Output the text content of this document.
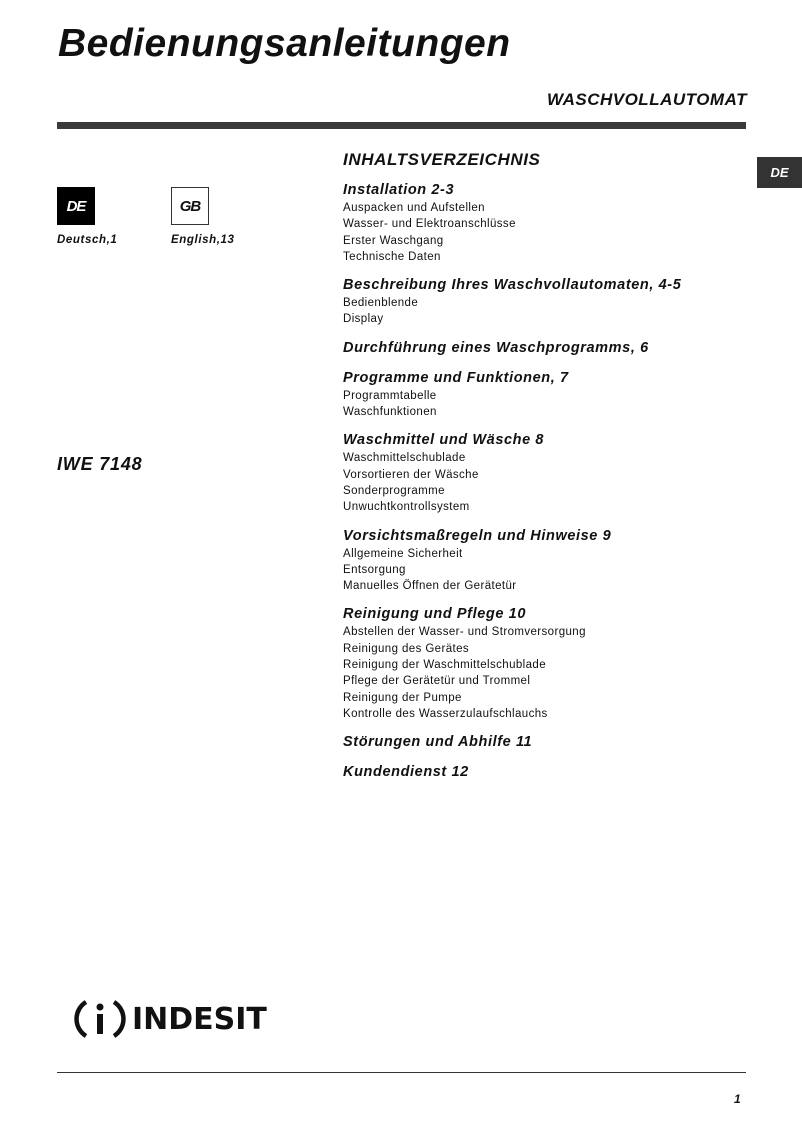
Bedienungsanleitungen
WASCHVOLLAUTOMAT
DE
DE	GB
Deutsch,1	English,13
IWE 7148
INHALTSVERZEICHNIS
Installation 2-3
Auspacken und Aufstellen
Wasser- und Elektroanschlüsse
Erster Waschgang
Technische Daten
Beschreibung Ihres Waschvollautomaten, 4-5
Bedienblende
Display
Durchführung eines Waschprogramms, 6
Programme und Funktionen, 7
Programmtabelle
Waschfunktionen
Waschmittel und Wäsche 8
Waschmittelschublade
Vorsortieren der Wäsche
Sonderprogramme
Unwuchtkontrollsystem
Vorsichtsmaßregeln und Hinweise 9
Allgemeine Sicherheit
Entsorgung
Manuelles Öffnen der Gerätetür
Reinigung und Pflege 10
Abstellen der Wasser- und Stromversorgung
Reinigung des Gerätes
Reinigung der Waschmittelschublade
Pflege der Gerätetür und Trommel
Reinigung der Pumpe
Kontrolle des Wasserzulaufschlauchs
Störungen und Abhilfe 11
Kundendienst 12
INDESIT
1
